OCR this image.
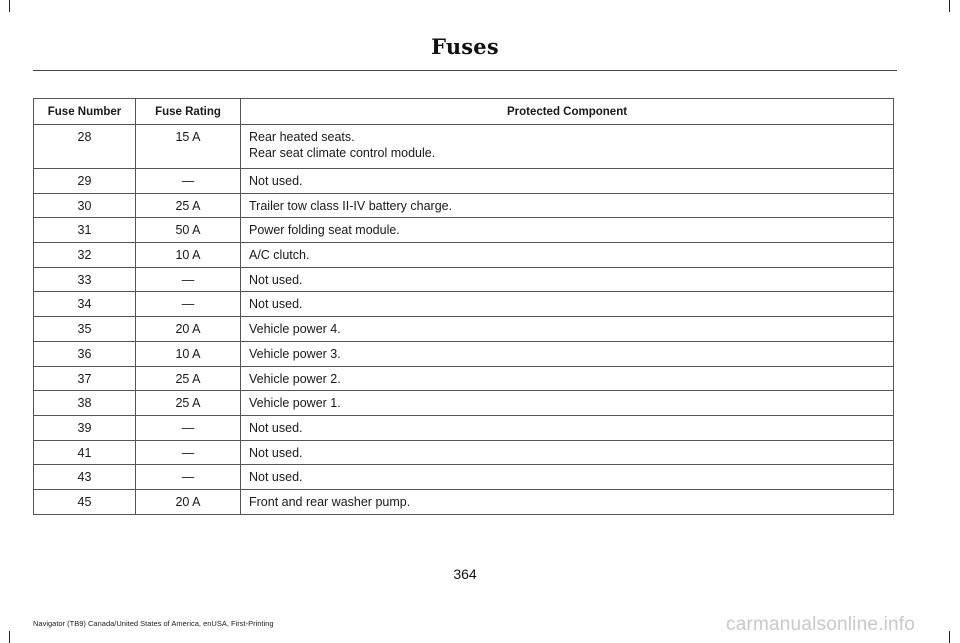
Fuses
Fuse Number	Fuse Rating	Protected Component
28	15 A	Rear heated seats.
Rear seat climate control module.

29	—	Not used.

30	25 A	Trailer tow class II-IV battery charge.

31	50 A	Power folding seat module.

32	10 A	A/C clutch.

33	—	Not used.

34	—	Not used.

35	20 A	Vehicle power 4.

36	10 A	Vehicle power 3.

37	25 A	Vehicle power 2.

38	25 A	Vehicle power 1.

39	—	Not used.

41	—	Not used.

43	—	Not used.

45	20 A	Front and rear washer pump.
364
Navigator (TB9) Canada/United States of America, enUSA, First-Printing	carmanualsonline.info
